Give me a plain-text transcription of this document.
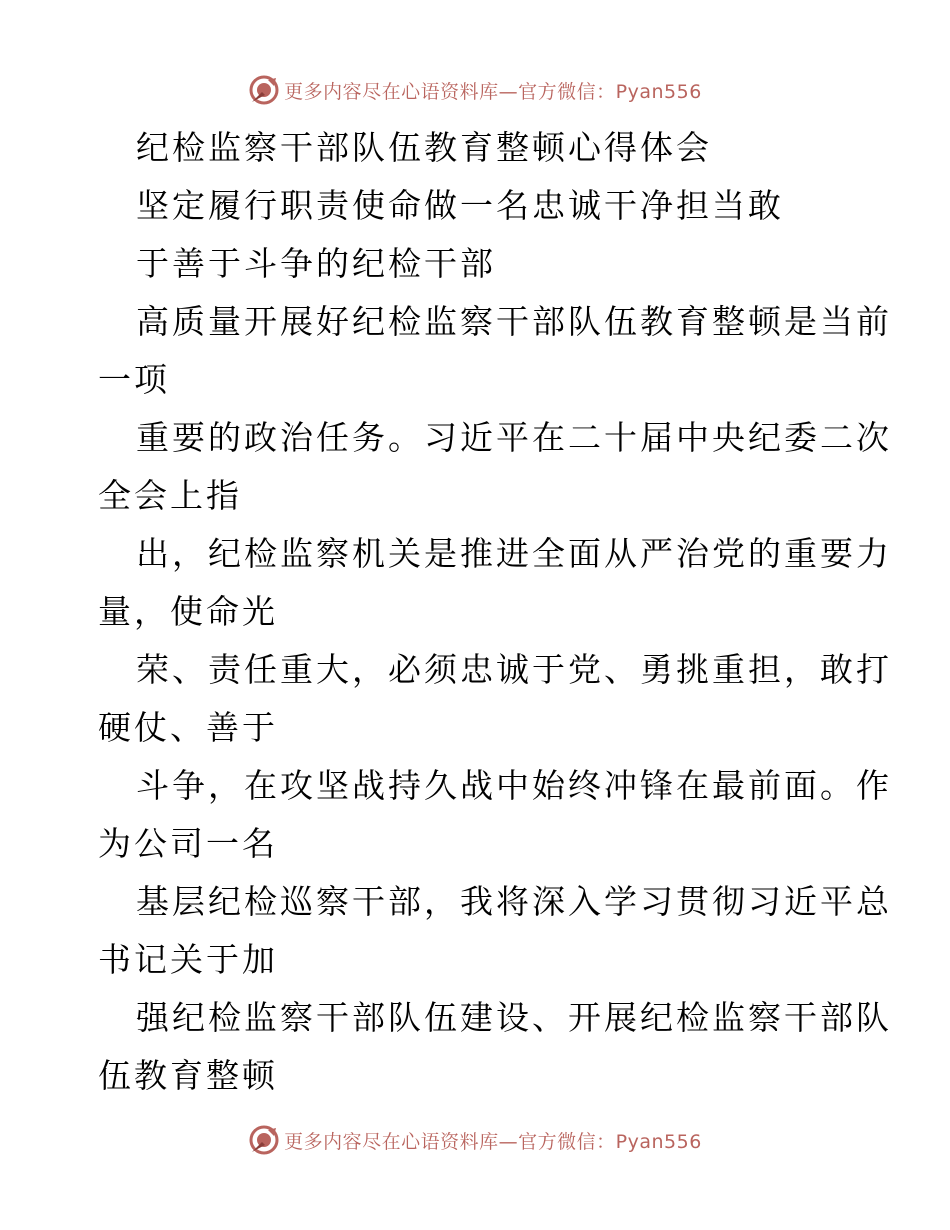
更多内容尽在心语资料库—官方微信：Pyan556
纪检监察干部队伍教育整顿心得体会
坚定履行职责使命做一名忠诚干净担当敢
于善于斗争的纪检干部
高质量开展好纪检监察干部队伍教育整顿是当前
一项
重要的政治任务。习近平在二十届中央纪委二次
全会上指
出，纪检监察机关是推进全面从严治党的重要力
量，使命光
荣、责任重大，必须忠诚于党、勇挑重担，敢打
硬仗、善于
斗争，在攻坚战持久战中始终冲锋在最前面。作
为公司一名
基层纪检巡察干部，我将深入学习贯彻习近平总
书记关于加
强纪检监察干部队伍建设、开展纪检监察干部队
伍教育整顿
更多内容尽在心语资料库—官方微信：Pyan556
